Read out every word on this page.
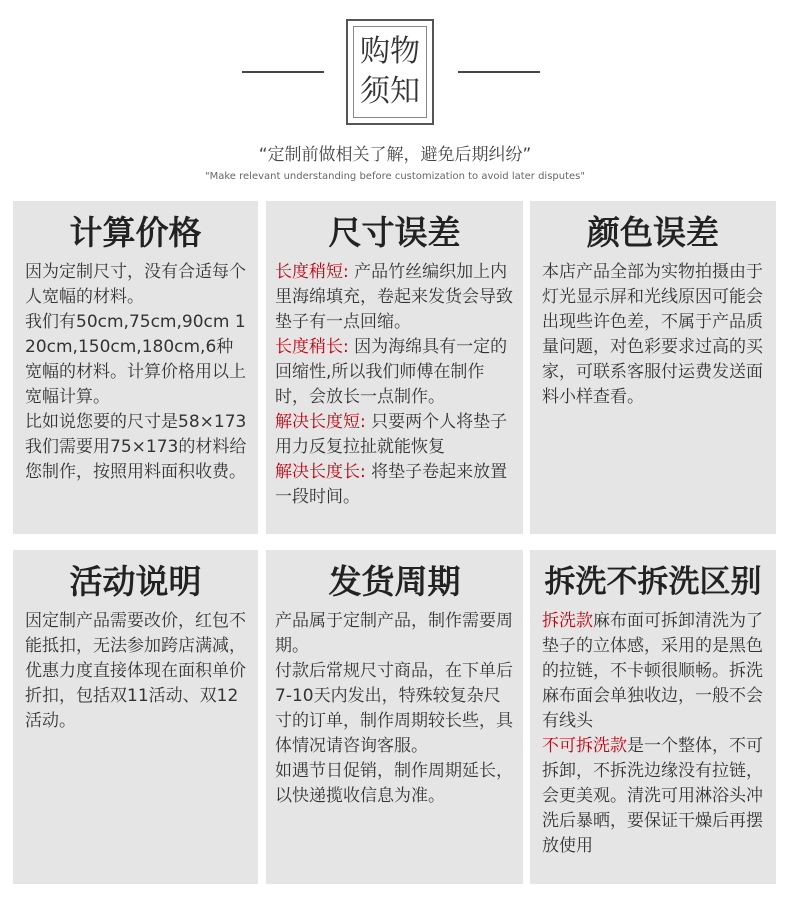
购物
须知
“定制前做相关了解，避免后期纠纷”
"Make relevant understanding before customization to avoid later disputes"
计算价格

因为定制尺寸，没有合适每个人宽幅的材料。

我们有50cm,75cm,90cm 120cm,150cm,180cm,6种宽幅的材料。计算价格用以上宽幅计算。

比如说您要的尺寸是58×173我们需要用75×173的材料给您制作，按照用料面积收费。

尺寸误差

长度稍短: 产品竹丝编织加上内里海绵填充，卷起来发货会导致垫子有一点回缩。

长度稍长: 因为海绵具有一定的回缩性,所以我们师傅在制作时，会放长一点制作。

解决长度短: 只要两个人将垫子用力反复拉扯就能恢复

解决长度长: 将垫子卷起来放置一段时间。

颜色误差

本店产品全部为实物拍摄由于灯光显示屏和光线原因可能会出现些许色差，不属于产品质量问题，对色彩要求过高的买家，可联系客服付运费发送面料小样查看。

活动说明

因定制产品需要改价，红包不能抵扣，无法参加跨店满减，优惠力度直接体现在面积单价折扣，包括双11活动、双12活动。

发货周期

产品属于定制产品，制作需要周期。

付款后常规尺寸商品，在下单后7-10天内发出，特殊较复杂尺寸的订单，制作周期较长些，具体情况请咨询客服。

如遇节日促销，制作周期延长，以快递揽收信息为准。

拆洗不拆洗区别

拆洗款麻布面可拆卸清洗为了垫子的立体感，采用的是黑色的拉链，不卡顿很顺畅。拆洗麻布面会单独收边，一般不会有线头

不可拆洗款是一个整体，不可拆卸，不拆洗边缘没有拉链，会更美观。清洗可用淋浴头冲洗后暴晒，要保证干燥后再摆放使用
